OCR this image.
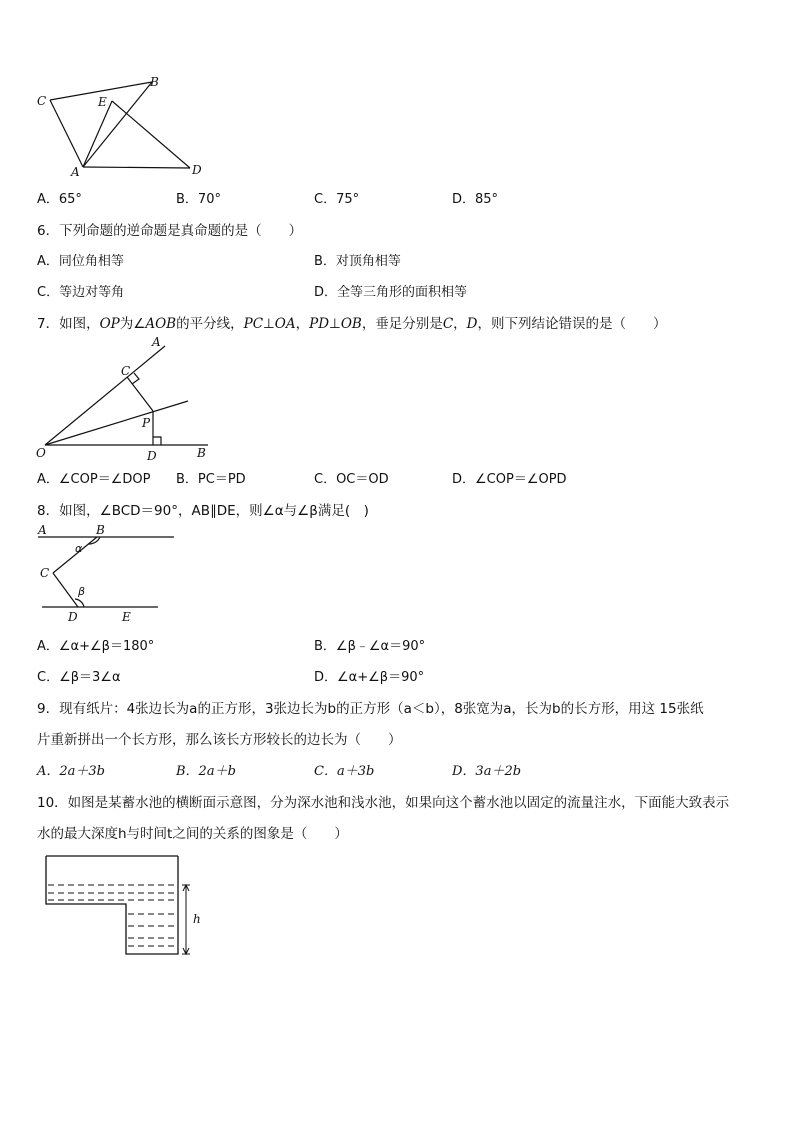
C
B
E
A	D
A．65°	B．70°	C．75°	D．85°
6．下列命题的逆命题是真命题的是（　　）
A．同位角相等	B．对顶角相等
C．等边对等角	D．全等三角形的面积相等
7．如图，OP为∠AOB的平分线，PC⊥OA，PD⊥OB，垂足分别是C，D，则下列结论错误的是（　　）
A
C
P
O	D	B
A．∠COP＝∠DOP B．PC＝PD	C．OC＝OD	D．∠COP＝∠OPD
8．如图，∠BCD＝90°，AB∥DE，则∠α与∠β满足(　)
A	B
α
C
β
D	E
A．∠α+∠β＝180°	B．∠β﹣∠α＝90°
C．∠β＝3∠α	D．∠α+∠β＝90°
9．现有纸片：4张边长为a的正方形，3张边长为b的正方形（a＜b），8张宽为a，长为b的长方形，用这 15张纸
片重新拼出一个长方形，那么该长方形较长的边长为（　　）
A．2a＋3b	B．2a＋b	C．a＋3b	D．3a＋2b
10．如图是某蓄水池的横断面示意图，分为深水池和浅水池，如果向这个蓄水池以固定的流量注水，下面能大致表示
水的最大深度h与时间t之间的关系的图象是（　　）
h
